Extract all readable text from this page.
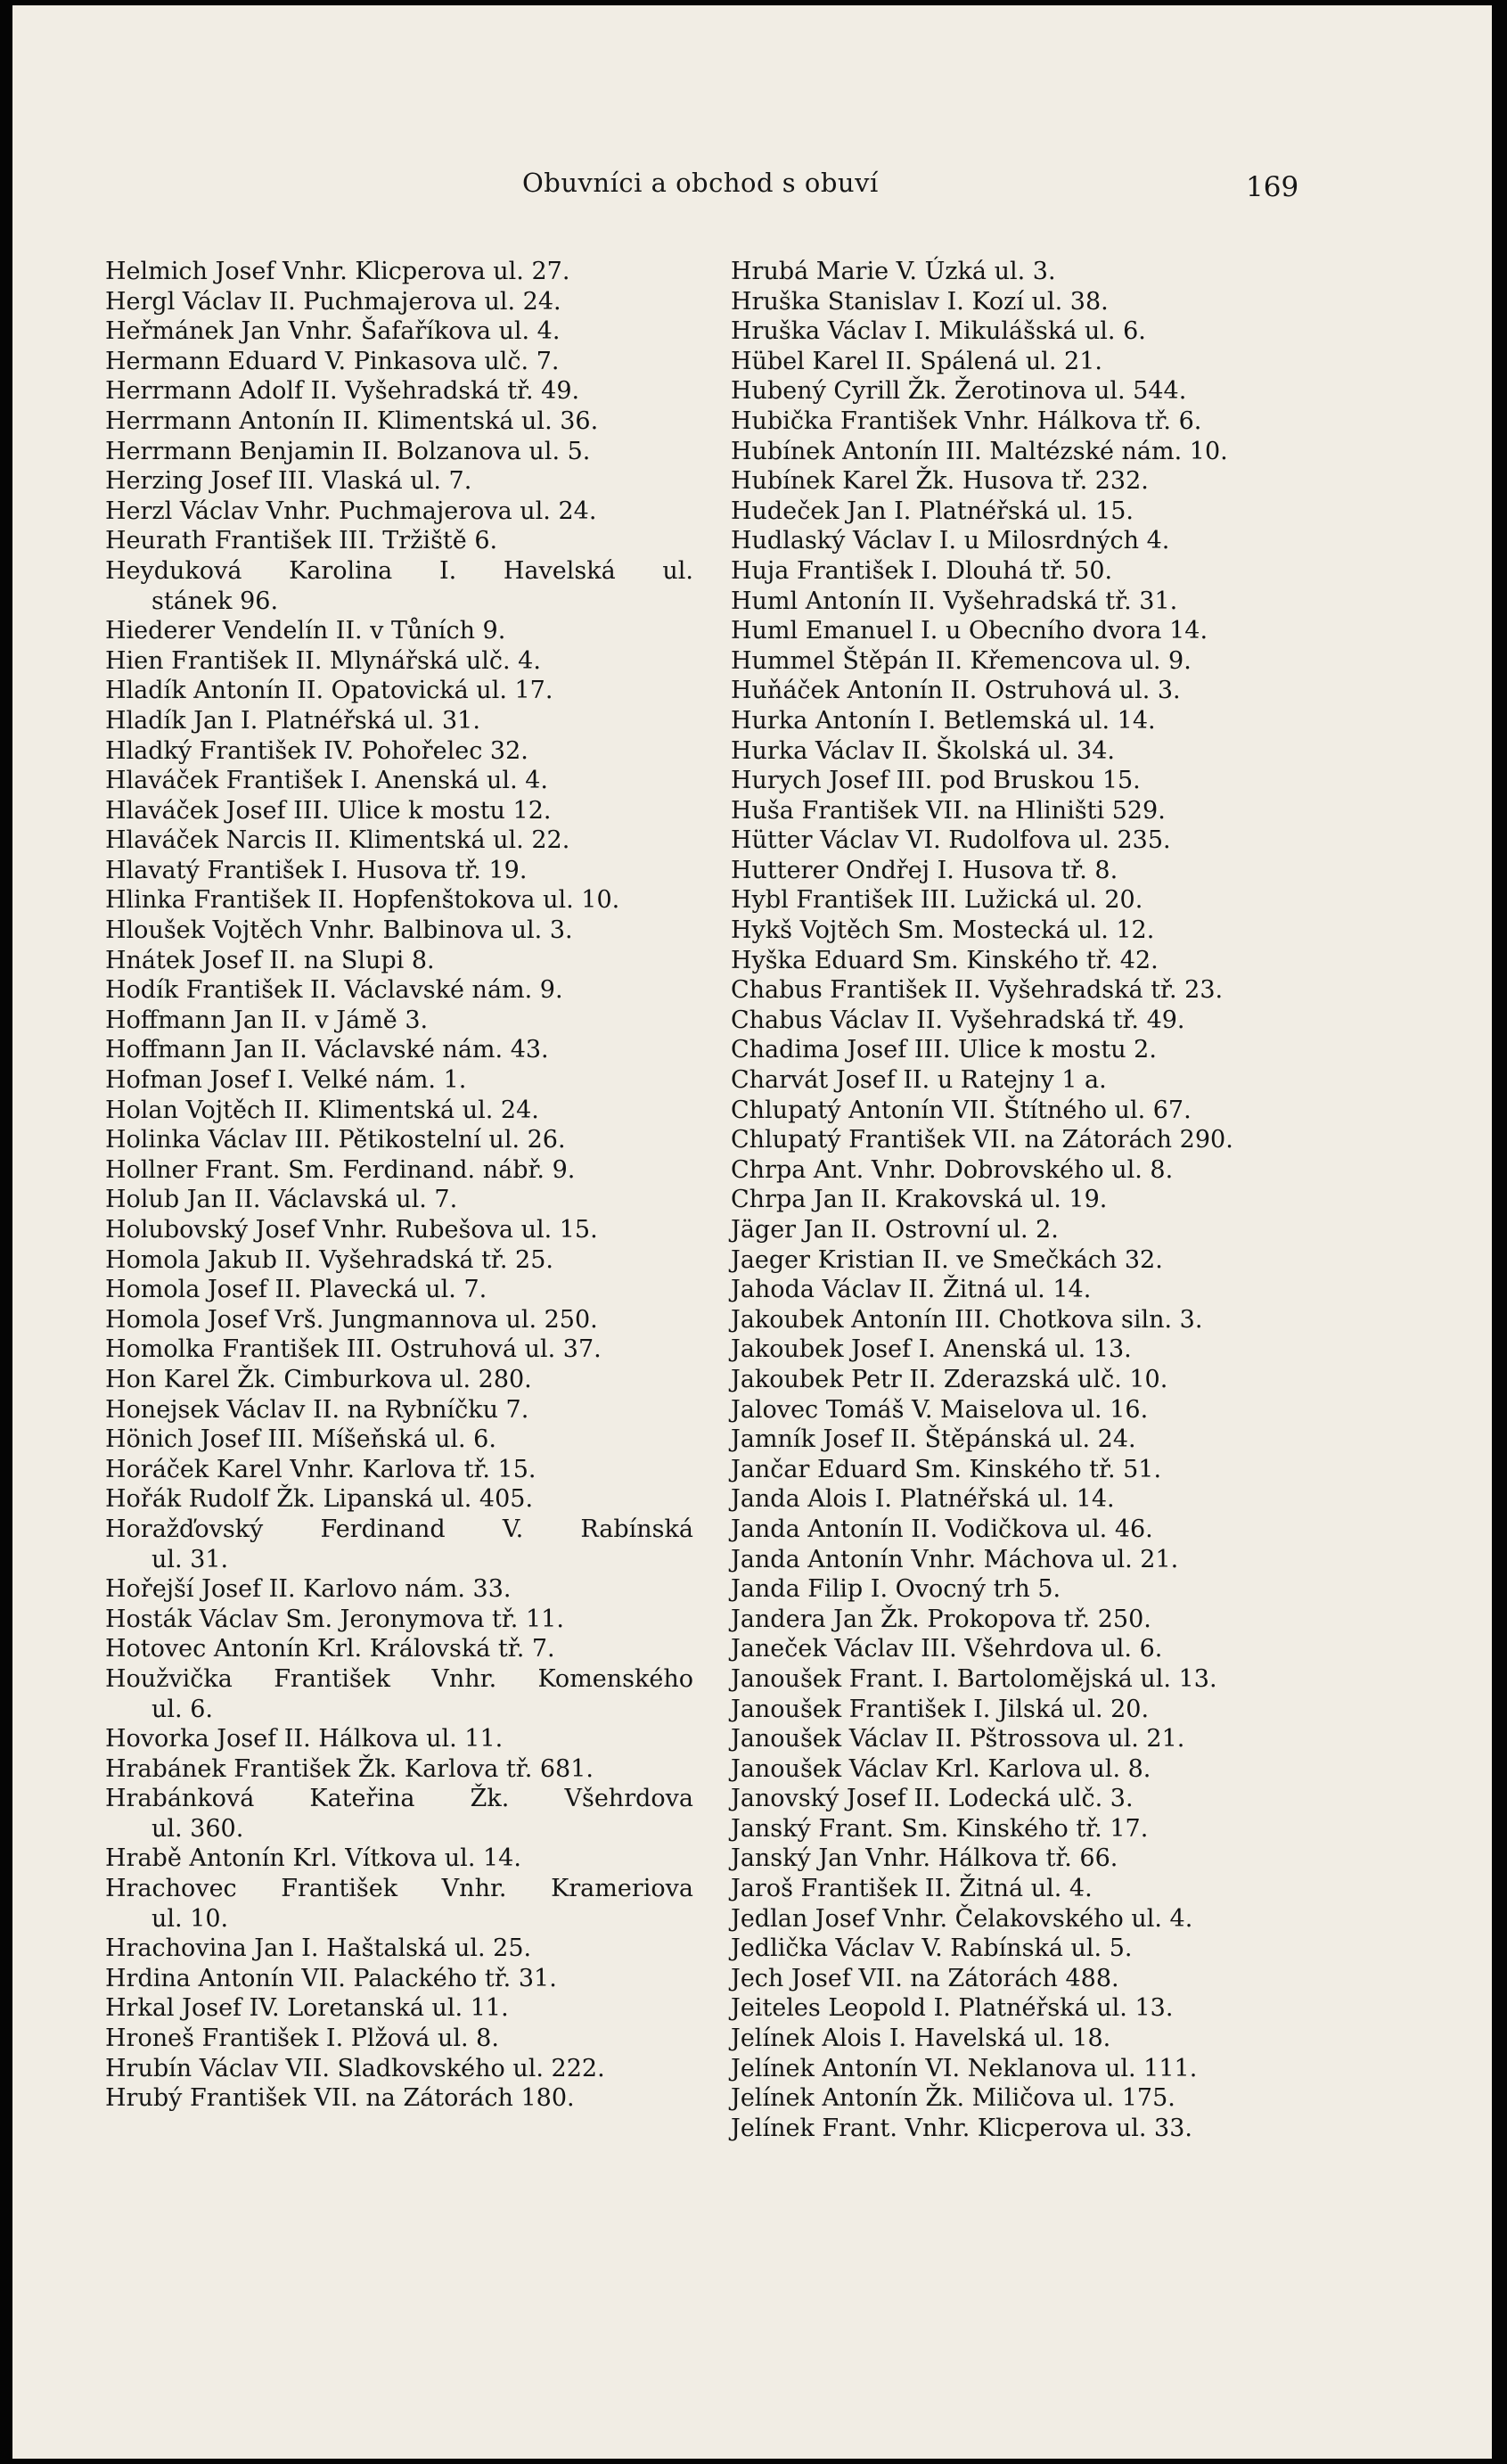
Obuvníci a obchod s obuví	169

Helmich Josef Vnhr. Klicperova ul. 27.

Hergl Václav II. Puchmajerova ul. 24.

Heřmánek Jan Vnhr. Šafaříkova ul. 4.

Hermann Eduard V. Pinkasova ulč. 7.

Herrmann Adolf II. Vyšehradská tř. 49.

Herrmann Antonín II. Klimentská ul. 36.

Herrmann Benjamin II. Bolzanova ul. 5.

Herzing Josef III. Vlaská ul. 7.

Herzl Václav Vnhr. Puchmajerova ul. 24.

Heurath František III. Tržiště 6.

Heyduková Karolina I. Havelská ul.

stánek 96.

Hiederer Vendelín II. v Tůních 9.

Hien František II. Mlynářská ulč. 4.

Hladík Antonín II. Opatovická ul. 17.

Hladík Jan I. Platnéřská ul. 31.

Hladký František IV. Pohořelec 32.

Hlaváček František I. Anenská ul. 4.

Hlaváček Josef III. Ulice k mostu 12.

Hlaváček Narcis II. Klimentská ul. 22.

Hlavatý František I. Husova tř. 19.

Hlinka František II. Hopfenštokova ul. 10.

Hloušek Vojtěch Vnhr. Balbinova ul. 3.

Hnátek Josef II. na Slupi 8.

Hodík František II. Václavské nám. 9.

Hoffmann Jan II. v Jámě 3.

Hoffmann Jan II. Václavské nám. 43.

Hofman Josef I. Velké nám. 1.

Holan Vojtěch II. Klimentská ul. 24.

Holinka Václav III. Pětikostelní ul. 26.

Hollner Frant. Sm. Ferdinand. nábř. 9.

Holub Jan II. Václavská ul. 7.

Holubovský Josef Vnhr. Rubešova ul. 15.

Homola Jakub II. Vyšehradská tř. 25.

Homola Josef II. Plavecká ul. 7.

Homola Josef Vrš. Jungmannova ul. 250.

Homolka František III. Ostruhová ul. 37.

Hon Karel Žk. Cimburkova ul. 280.

Honejsek Václav II. na Rybníčku 7.

Hönich Josef III. Míšeňská ul. 6.

Horáček Karel Vnhr. Karlova tř. 15.

Hořák Rudolf Žk. Lipanská ul. 405.

Horažďovský Ferdinand V. Rabínská

ul. 31.

Hořejší Josef II. Karlovo nám. 33.

Hosták Václav Sm. Jeronymova tř. 11.

Hotovec Antonín Krl. Královská tř. 7.

Houžvička František Vnhr. Komenského

ul. 6.

Hovorka Josef II. Hálkova ul. 11.

Hrabánek František Žk. Karlova tř. 681.

Hrabánková Kateřina Žk. Všehrdova

ul. 360.

Hrabě Antonín Krl. Vítkova ul. 14.

Hrachovec František Vnhr. Krameriova

ul. 10.

Hrachovina Jan I. Haštalská ul. 25.

Hrdina Antonín VII. Palackého tř. 31.

Hrkal Josef IV. Loretanská ul. 11.

Hroneš František I. Plžová ul. 8.

Hrubín Václav VII. Sladkovského ul. 222.

Hrubý František VII. na Zátorách 180.

Hrubá Marie V. Úzká ul. 3.

Hruška Stanislav I. Kozí ul. 38.

Hruška Václav I. Mikulášská ul. 6.

Hübel Karel II. Spálená ul. 21.

Hubený Cyrill Žk. Žerotinova ul. 544.

Hubička František Vnhr. Hálkova tř. 6.

Hubínek Antonín III. Maltézské nám. 10.

Hubínek Karel Žk. Husova tř. 232.

Hudeček Jan I. Platnéřská ul. 15.

Hudlaský Václav I. u Milosrdných 4.

Huja František I. Dlouhá tř. 50.

Huml Antonín II. Vyšehradská tř. 31.

Huml Emanuel I. u Obecního dvora 14.

Hummel Štěpán II. Křemencova ul. 9.

Huňáček Antonín II. Ostruhová ul. 3.

Hurka Antonín I. Betlemská ul. 14.

Hurka Václav II. Školská ul. 34.

Hurych Josef III. pod Bruskou 15.

Huša František VII. na Hliništi 529.

Hütter Václav VI. Rudolfova ul. 235.

Hutterer Ondřej I. Husova tř. 8.

Hybl František III. Lužická ul. 20.

Hykš Vojtěch Sm. Mostecká ul. 12.

Hyška Eduard Sm. Kinského tř. 42.

Chabus František II. Vyšehradská tř. 23.

Chabus Václav II. Vyšehradská tř. 49.

Chadima Josef III. Ulice k mostu 2.

Charvát Josef II. u Ratejny 1 a.

Chlupatý Antonín VII. Štítného ul. 67.

Chlupatý František VII. na Zátorách 290.

Chrpa Ant. Vnhr. Dobrovského ul. 8.

Chrpa Jan II. Krakovská ul. 19.

Jäger Jan II. Ostrovní ul. 2.

Jaeger Kristian II. ve Smečkách 32.

Jahoda Václav II. Žitná ul. 14.

Jakoubek Antonín III. Chotkova siln. 3.

Jakoubek Josef I. Anenská ul. 13.

Jakoubek Petr II. Zderazská ulč. 10.

Jalovec Tomáš V. Maiselova ul. 16.

Jamník Josef II. Štěpánská ul. 24.

Jančar Eduard Sm. Kinského tř. 51.

Janda Alois I. Platnéřská ul. 14.

Janda Antonín II. Vodičkova ul. 46.

Janda Antonín Vnhr. Máchova ul. 21.

Janda Filip I. Ovocný trh 5.

Jandera Jan Žk. Prokopova tř. 250.

Janeček Václav III. Všehrdova ul. 6.

Janoušek Frant. I. Bartolomějská ul. 13.

Janoušek František I. Jilská ul. 20.

Janoušek Václav II. Pštrossova ul. 21.

Janoušek Václav Krl. Karlova ul. 8.

Janovský Josef II. Lodecká ulč. 3.

Janský Frant. Sm. Kinského tř. 17.

Janský Jan Vnhr. Hálkova tř. 66.

Jaroš František II. Žitná ul. 4.

Jedlan Josef Vnhr. Čelakovského ul. 4.

Jedlička Václav V. Rabínská ul. 5.

Jech Josef VII. na Zátorách 488.

Jeiteles Leopold I. Platnéřská ul. 13.

Jelínek Alois I. Havelská ul. 18.

Jelínek Antonín VI. Neklanova ul. 111.

Jelínek Antonín Žk. Miličova ul. 175.

Jelínek Frant. Vnhr. Klicperova ul. 33.
